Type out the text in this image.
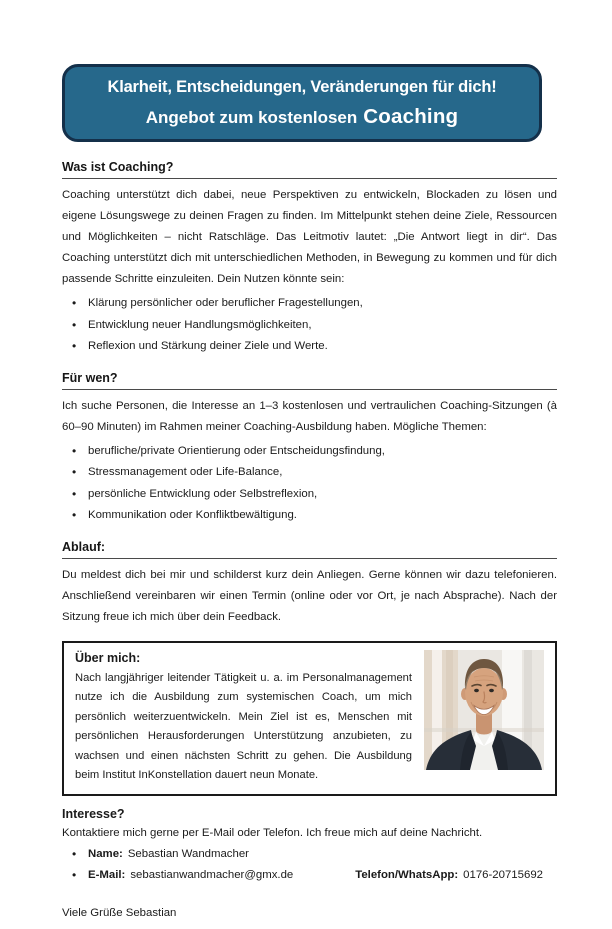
Klarheit, Entscheidungen, Veränderungen für dich!
Angebot zum kostenlosen Coaching
Was ist Coaching?

Coaching unterstützt dich dabei, neue Perspektiven zu entwickeln, Blockaden zu lösen und eigene Lösungswege zu deinen Fragen zu finden. Im Mittelpunkt stehen deine Ziele, Ressourcen und Möglichkeiten – nicht Ratschläge. Das Leitmotiv lautet: „Die Antwort liegt in dir“. Das Coaching unterstützt dich mit unterschiedlichen Methoden, in Bewegung zu kommen und für dich passende Schritte einzuleiten. Dein Nutzen könnte sein:

• Klärung persönlicher oder beruflicher Fragestellungen,
• Entwicklung neuer Handlungsmöglichkeiten,
• Reflexion und Stärkung deiner Ziele und Werte.
Für wen?

Ich suche Personen, die Interesse an 1–3 kostenlosen und vertraulichen Coaching-Sitzungen (à 60–90 Minuten) im Rahmen meiner Coaching-Ausbildung haben. Mögliche Themen:

• berufliche/private Orientierung oder Entscheidungsfindung,
• Stressmanagement oder Life-Balance,
• persönliche Entwicklung oder Selbstreflexion,
• Kommunikation oder Konfliktbewältigung.
Ablauf:

Du meldest dich bei mir und schilderst kurz dein Anliegen. Gerne können wir dazu telefonieren. Anschließend vereinbaren wir einen Termin (online oder vor Ort, je nach Absprache). Nach der Sitzung freue ich mich über dein Feedback.

Über mich:
Nach langjähriger leitender Tätigkeit u. a. im Personalmanagement nutze ich die Ausbildung zum systemischen Coach, um mich persönlich weiterzuentwickeln. Mein Ziel ist es, Menschen mit persönlichen Herausforderungen Unterstützung anzubieten, zu wachsen und einen nächsten Schritt zu gehen. Die Ausbildung beim Institut InKonstellation dauert neun Monate.
Interesse?
Kontaktiere mich gerne per E-Mail oder Telefon. Ich freue mich auf deine Nachricht.
• Name: Sebastian Wandmacher
• E-Mail: sebastianwandmacher@gmx.de	Telefon/WhatsApp: 0176-20715692
Viele Grüße Sebastian
